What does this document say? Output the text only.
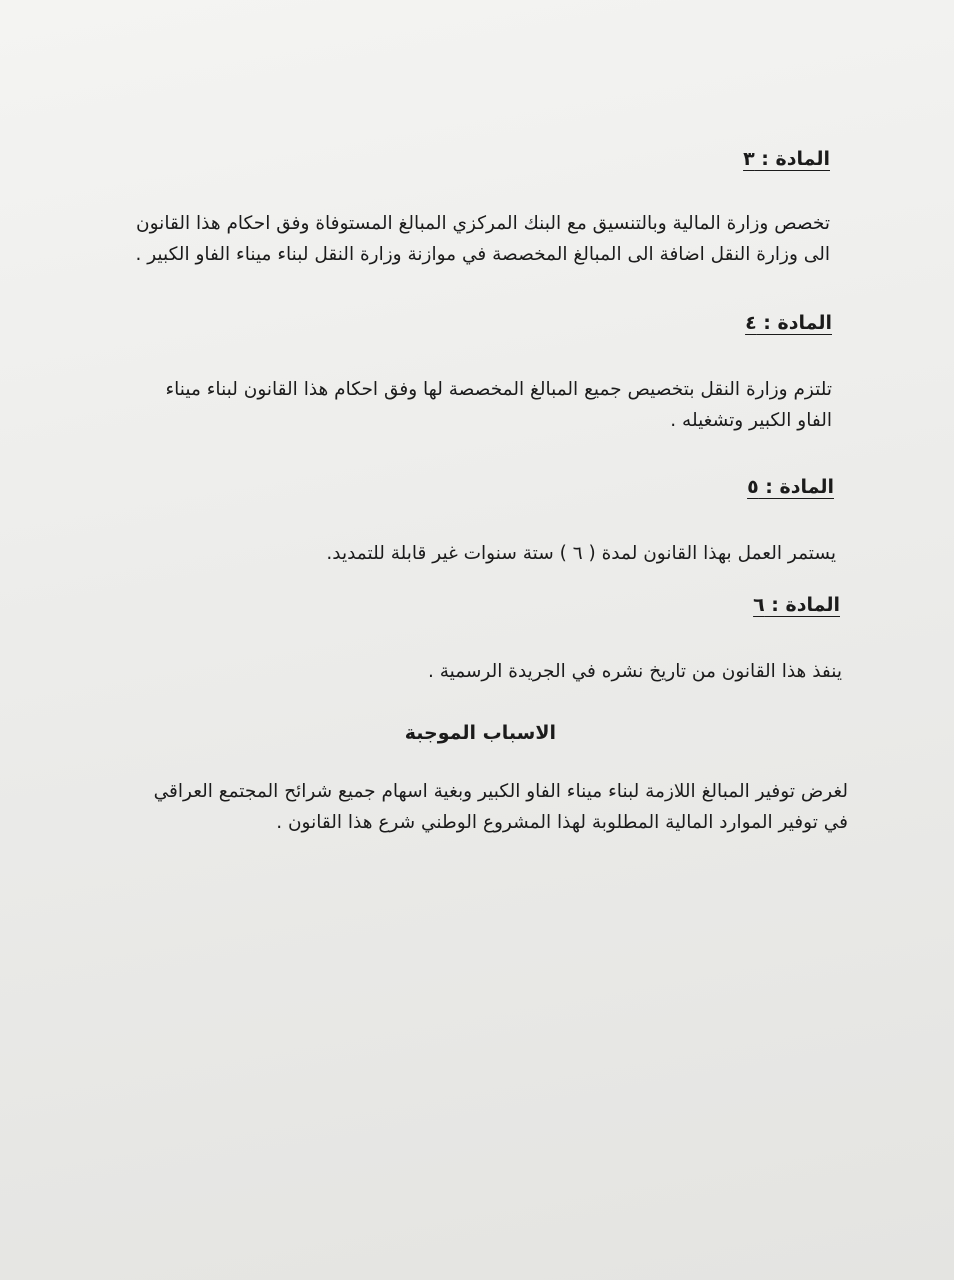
المادة : ٣

تخصص وزارة المالية وبالتنسيق مع البنك المركزي المبالغ المستوفاة وفق احكام هذا القانون الى وزارة النقل اضافة الى المبالغ المخصصة في موازنة وزارة النقل لبناء ميناء الفاو الكبير .

المادة : ٤

تلتزم وزارة النقل بتخصيص جميع المبالغ المخصصة لها وفق احكام هذا القانون لبناء ميناء الفاو الكبير وتشغيله .

المادة : ٥

يستمر العمل بهذا القانون لمدة ( ٦ ) ستة سنوات غير قابلة للتمديد.

المادة : ٦

ينفذ هذا القانون من تاريخ نشره في الجريدة الرسمية .

الاسباب الموجبة

لغرض توفير المبالغ اللازمة لبناء ميناء الفاو الكبير وبغية اسهام جميع شرائح المجتمع العراقي في توفير الموارد المالية المطلوبة لهذا المشروع الوطني شرع هذا القانون .
